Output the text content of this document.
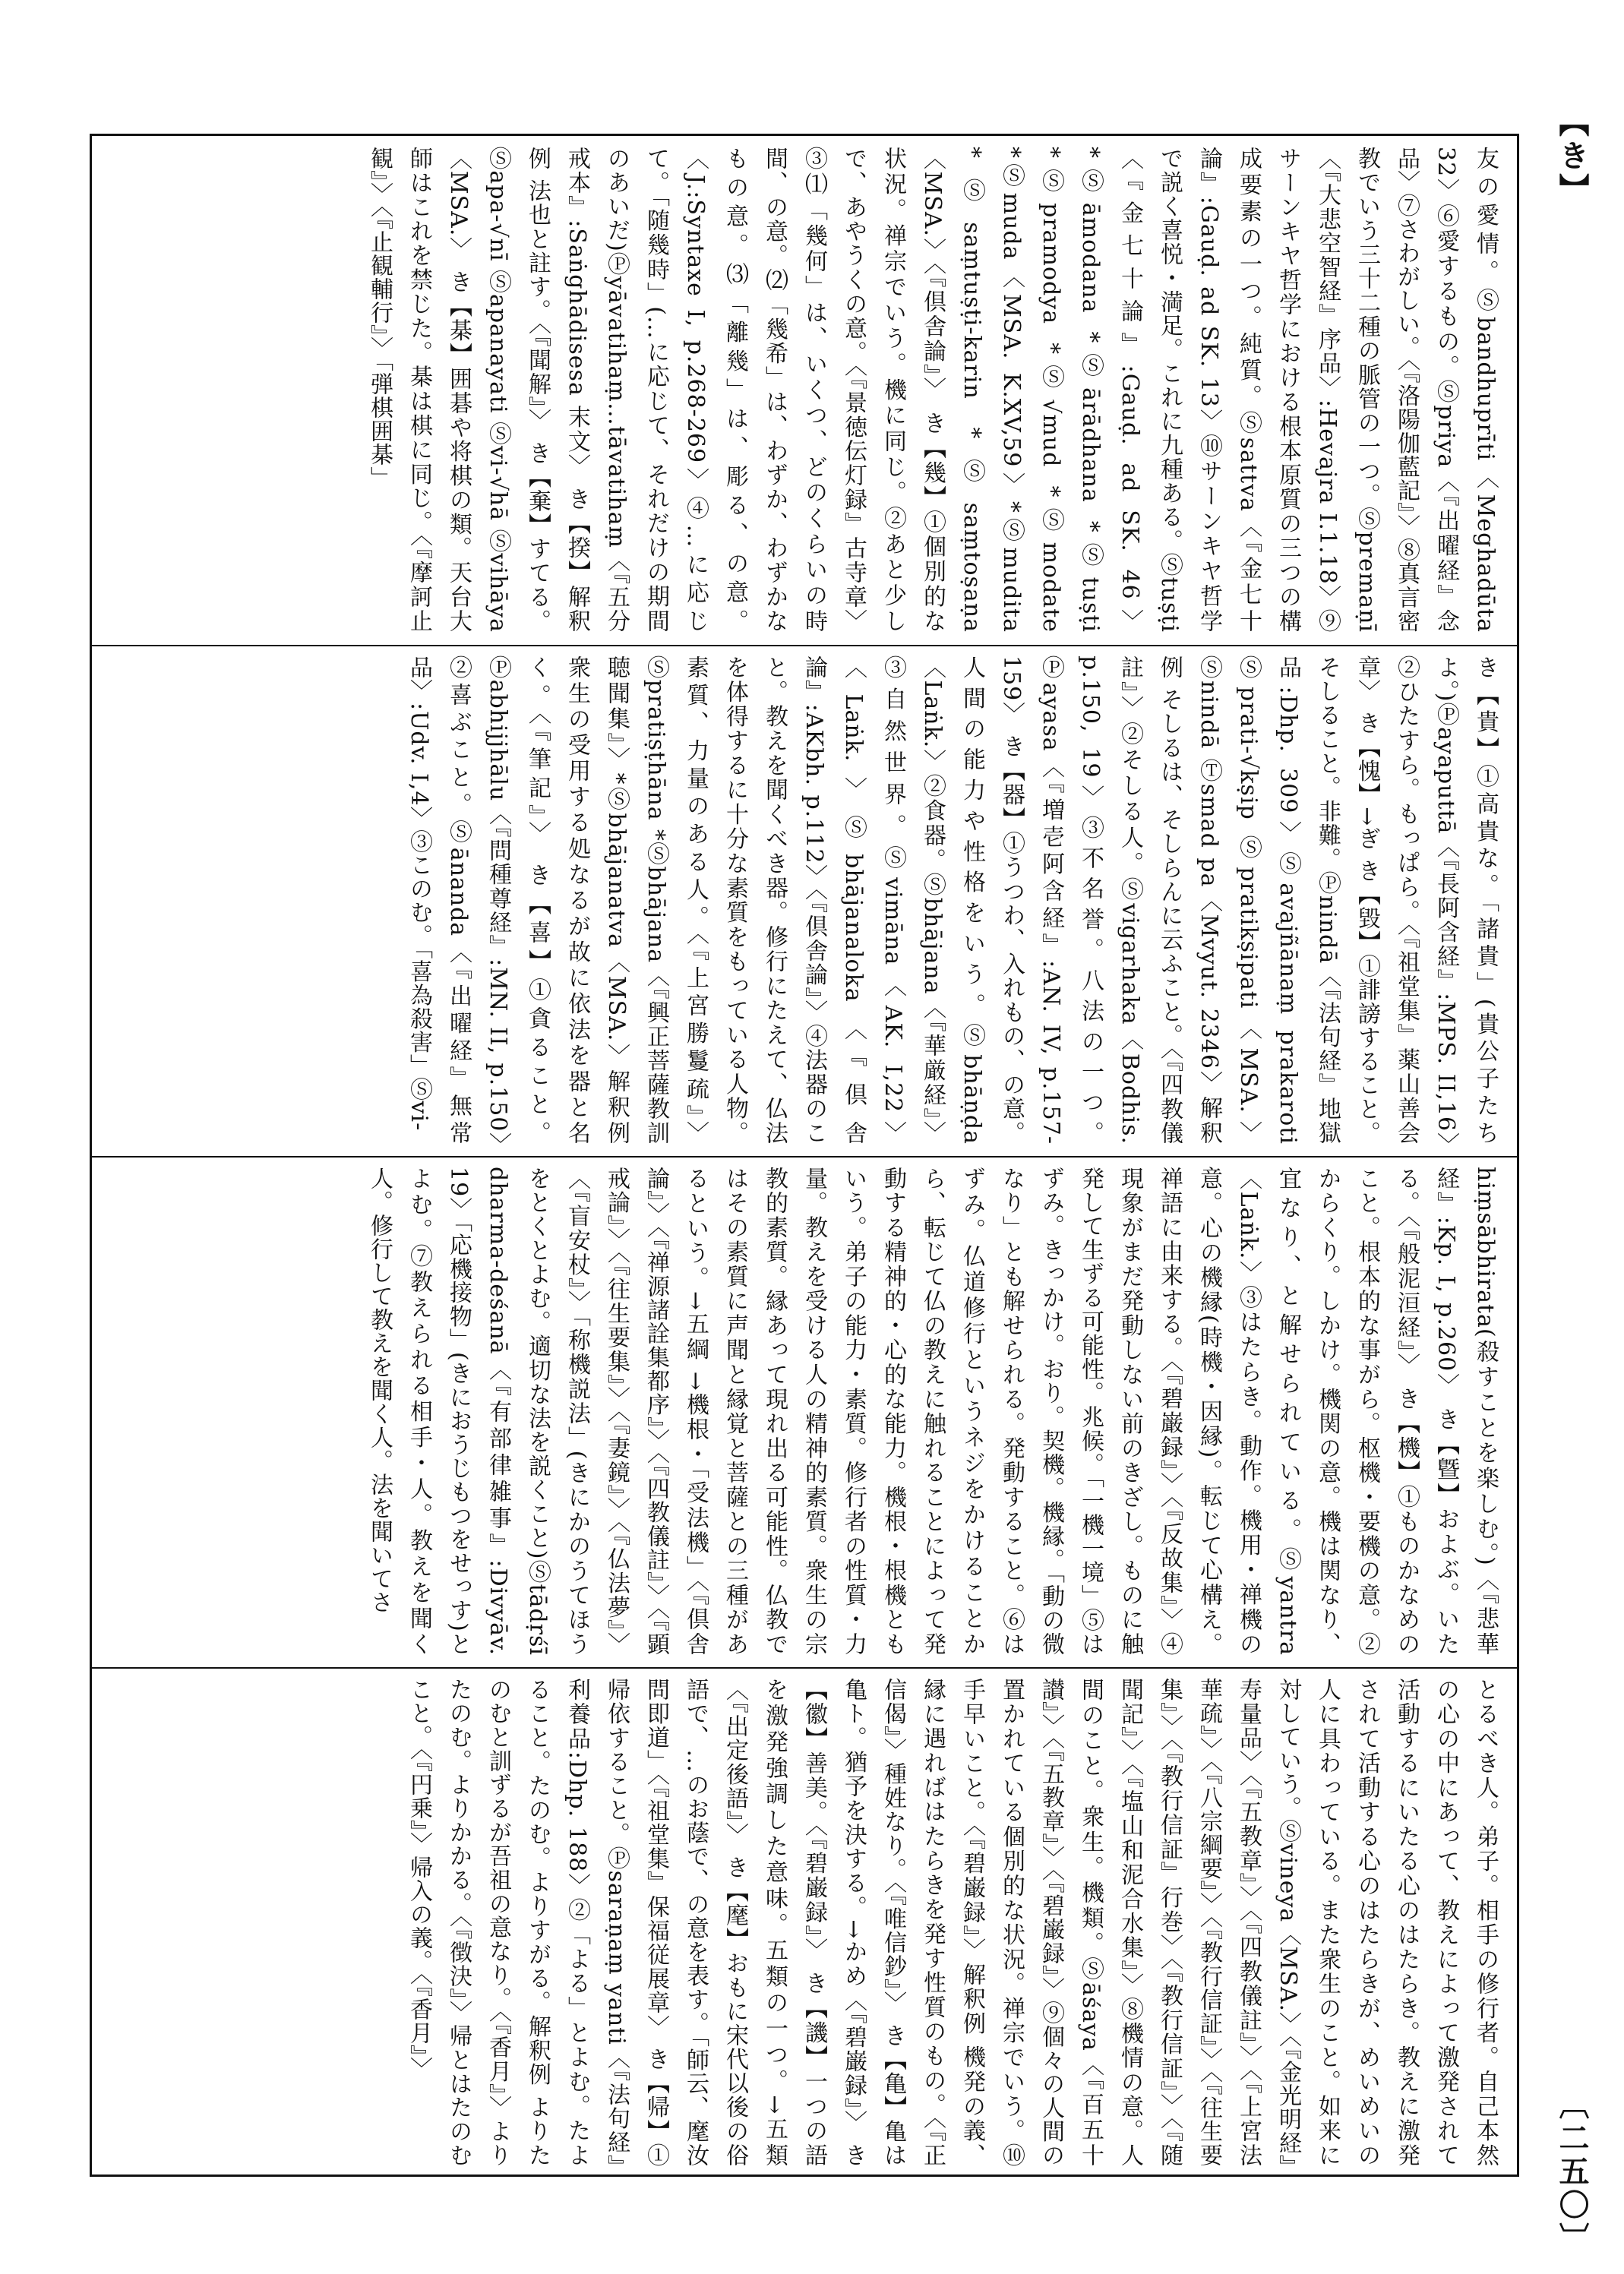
【き】
〔二五〇〕

友の愛情。Ⓢbandhuprīti〈Meghadūta 32〉⑥愛するもの。Ⓢpriya〈『出曜経』念品〉⑦さわがしい。〈『洛陽伽藍記』〉⑧真言密教でいう三十二種の脈管の一つ。Ⓢpremaṇī〈『大悲空智経』序品〉:Hevajra I.1.18〉⑨サーンキヤ哲学における根本原質の三つの構成要素の一つ。純質。Ⓢsattva〈『金七十論』:Gauḍ. ad SK. 13〉⑩サーンキヤ哲学で説く喜悦・満足。これに九種ある。Ⓢtuṣṭi〈『金七十論』:Gauḍ. ad SK. 46〉*Ⓢāmodana *Ⓢārādhana *Ⓢtuṣṭi *Ⓢpramodya *Ⓢ√mud *Ⓢmodate *Ⓢmuda〈MSA. K.XV,59〉*Ⓢmudita *Ⓢsaṃtuṣṭi-karin *Ⓢsaṃtoṣaṇa〈MSA.〉〈『倶舎論』〉

き【幾】①個別的な状況。禅宗でいう。機に同じ。②あと少しで、あやうくの意。〈『景徳伝灯録』古寺章〉③⑴「幾何」は、いくつ、どのくらいの時間、の意。⑵「幾希」は、わずか、わずかなもの意。⑶「離幾」は、彫る、の意。〈J.:Syntaxe I, p.268-269〉④…に応じて。「随幾時」(…に応じて、それだけの期間のあいだ)Ⓟyāvatihaṃ…tāvatihaṃ〈『五分戒本』:Saṅghādisesa 末文〉

き【揆】解釈例 法也と註す。〈『聞解』〉

き【棄】すてる。Ⓢapa-√nī Ⓢapanayati Ⓢvi-√hā Ⓢvihāya〈MSA.〉

き【棊】囲碁や将棋の類。天台大師はこれを禁じた。棊は棋に同じ。〈『摩訶止観』〉〈『止観輔行』〉「弾棋囲棊」

き【貴】①高貴な。「諸貴」(貴公子たちよ。)Ⓟayaputtā〈『長阿含経』:MPS. II,16〉②ひたすら。もっぱら。〈『祖堂集』薬山善会章〉

き【愧】→ぎ

き【毀】①誹謗すること。そしること。非難。Ⓟnindā〈『法句経』地獄品:Dhp. 309〉Ⓢavajñānaṃ prakaroti Ⓢprati-√kṣip Ⓢpratikṣipati〈MSA.〉Ⓢnindā Ⓣsmad pa〈Mvyut. 2346〉解釈例 そしるは、そしらんに云ふこと。〈『四教儀註』〉②そしる人。Ⓢvigarhaka〈Bodhis. p.150, 19〉③不名誉。八法の一つ。Ⓟayasa〈『増壱阿含経』:AN. IV, p.157-159〉

き【器】①うつわ、入れもの、の意。人間の能力や性格をいう。Ⓢbhāṇḍa〈Laṅk.〉②食器。Ⓢbhājana〈『華厳経』〉③自然世界。Ⓢvimāna〈AK. I,22〉〈Laṅk.〉Ⓢbhājanaloka〈『倶舎論』:AKbh. p.112〉〈『倶舎論』〉④法器のこと。教えを聞くべき器。修行にたえて、仏法を体得するに十分な素質をもっている人物。素質、力量のある人。〈『上宮勝鬘疏』〉Ⓢpratiṣṭhāna *Ⓢbhājana〈『興正菩薩教訓聴聞集』〉*Ⓢbhājanatva〈MSA.〉解釈例 衆生の受用する処なるが故に依法を器と名く。〈『筆記』〉

き【喜】①貪ること。Ⓟabhijjhālu〈『問種尊経』:MN. II, p.150〉②喜ぶこと。Ⓢānanda〈『出曜経』無常品〉:Udv. I,4〉③このむ。「喜為殺害」Ⓢvi-

hiṃsābhirata(殺すことを楽しむ。)〈『悲華経』:Kp. I, p.260〉

き【曁】およぶ。いたる。〈『般泥洹経』〉

き【機】①ものかなめのこと。根本的な事がら。枢機・要機の意。②からくり。しかけ。機関の意。機は関なり、宜なり、と解せられている。Ⓢyantra〈Laṅk.〉③はたらき。動作。機用・禅機の意。心の機縁(時機・因縁)。転じて心構え。禅語に由来する。〈『碧巌録』〉〈『反故集』〉④現象がまだ発動しない前のきざし。ものに触発して生ずる可能性。兆候。「一機一境」⑤はずみ。きっかけ。おり。契機。機縁。「動の微なり」とも解せられる。発動すること。⑥はずみ。仏道修行というネジをかけることから、転じて仏の教えに触れることによって発動する精神的・心的な能力。機根・根機ともいう。弟子の能力・素質。修行者の性質・力量。教えを受ける人の精神的素質。衆生の宗教的素質。縁あって現れ出る可能性。仏教ではその素質に声聞と縁覚と菩薩との三種があるという。→五綱 →機根・「受法機」〈『倶舎論』〉〈『禅源諸詮集都序』〉〈『四教儀註』〉〈『顕戒論』〉〈『往生要集』〉〈『妻鏡』〉〈『仏法夢』〉〈『盲安杖』〉「称機説法」(きにかのうてほうをとくとよむ。適切な法を説くこと)Ⓢtādṛśī dharma-deśanā〈『有部律雑事』:Divyāv. 19〉「応機接物」(きにおうじもつをせっす)とよむ。⑦教えられる相手・人。教えを聞く人。修行して教えを聞く人。法を聞いてさ

とるべき人。弟子。相手の修行者。自己本然の心の中にあって、教えによって激発されて活動するにいたる心のはたらき。教えに激発されて活動する心のはたらきが、めいめいの人に具わっている。また衆生のこと。如来に対していう。Ⓢvineya〈MSA.〉〈『金光明経』寿量品〉〈『五教章』〉〈『四教儀註』〉〈『上宮法華疏』〉〈『八宗綱要』〉〈『教行信証』〉〈『往生要集』〉〈『教行信証』行巻〉〈『教行信証』〉〈『随聞記』〉〈『塩山和泥合水集』〉⑧機情の意。人間のこと。衆生。機類。Ⓢāśaya〈『百五十讃』〉〈『五教章』〉〈『碧巌録』〉⑨個々の人間の置かれている個別的な状況。禅宗でいう。⑩手早いこと。〈『碧巌録』〉解釈例 機発の義、縁に遇ればはたらきを発す性質のもの。〈『正信偈』〉種姓なり。〈『唯信鈔』〉

き【亀】亀は亀ト。猶予を決する。→かめ〈『碧巌録』〉

き【徽】善美。〈『碧巌録』〉

き【譏】一つの語を激発強調した意味。五類の一つ。→五類〈『出定後語』〉

き【麾】おもに宋代以後の俗語で、…のお蔭で、の意を表す。「師云、麾汝問即道」〈『祖堂集』保福従展章〉

き【帰】①帰依すること。Ⓟsaraṇaṃ yanti〈『法句経』利養品:Dhp. 188〉②「よる」とよむ。たよること。たのむ。よりすがる。解釈例 よりたのむと訓ずるが吾祖の意なり。〈『香月』〉よりたのむ。よりかかる。〈『徴決』〉帰とはたのむこと。〈『円乗』〉帰入の義。〈『香月』〉
